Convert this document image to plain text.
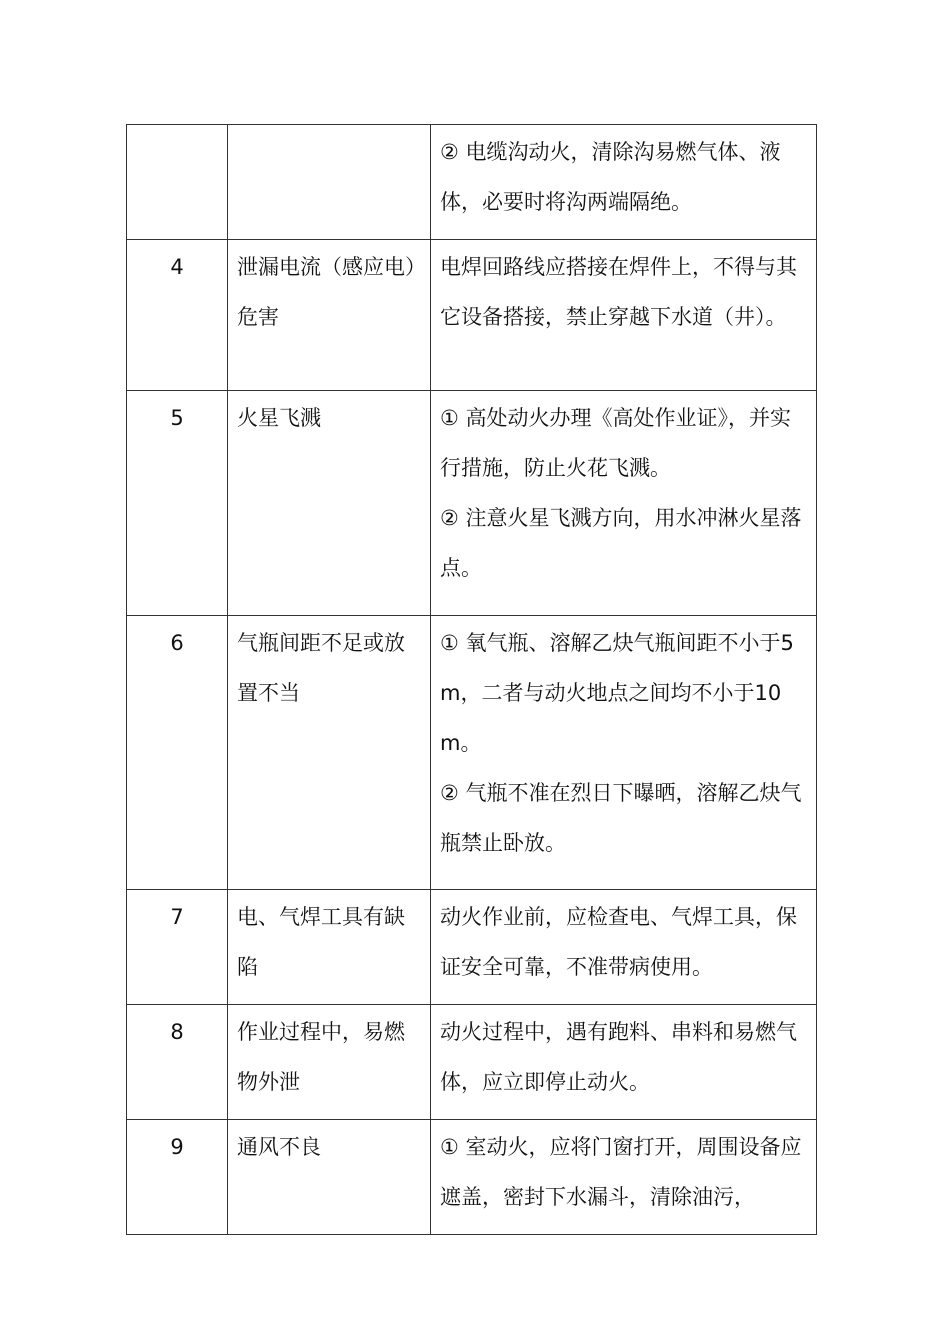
		② 电缆沟动火，清除沟易燃气体、液体，必要时将沟两端隔绝。

4	泄漏电流（感应电）危害	电焊回路线应搭接在焊件上，不得与其它设备搭接，禁止穿越下水道（井）。

5	火星飞溅	① 高处动火办理《高处作业证》，并实行措施，防止火花飞溅。
② 注意火星飞溅方向，用水冲淋火星落点。

6	气瓶间距不足或放置不当	① 氧气瓶、溶解乙炔气瓶间距不小于5m，二者与动火地点之间均不小于10m。
② 气瓶不准在烈日下曝晒，溶解乙炔气瓶禁止卧放。

7	电、气焊工具有缺陷	动火作业前，应检查电、气焊工具，保证安全可靠，不准带病使用。

8	作业过程中，易燃物外泄	动火过程中，遇有跑料、串料和易燃气体，应立即停止动火。

9	通风不良	① 室动火，应将门窗打开，周围设备应遮盖，密封下水漏斗，清除油污，
